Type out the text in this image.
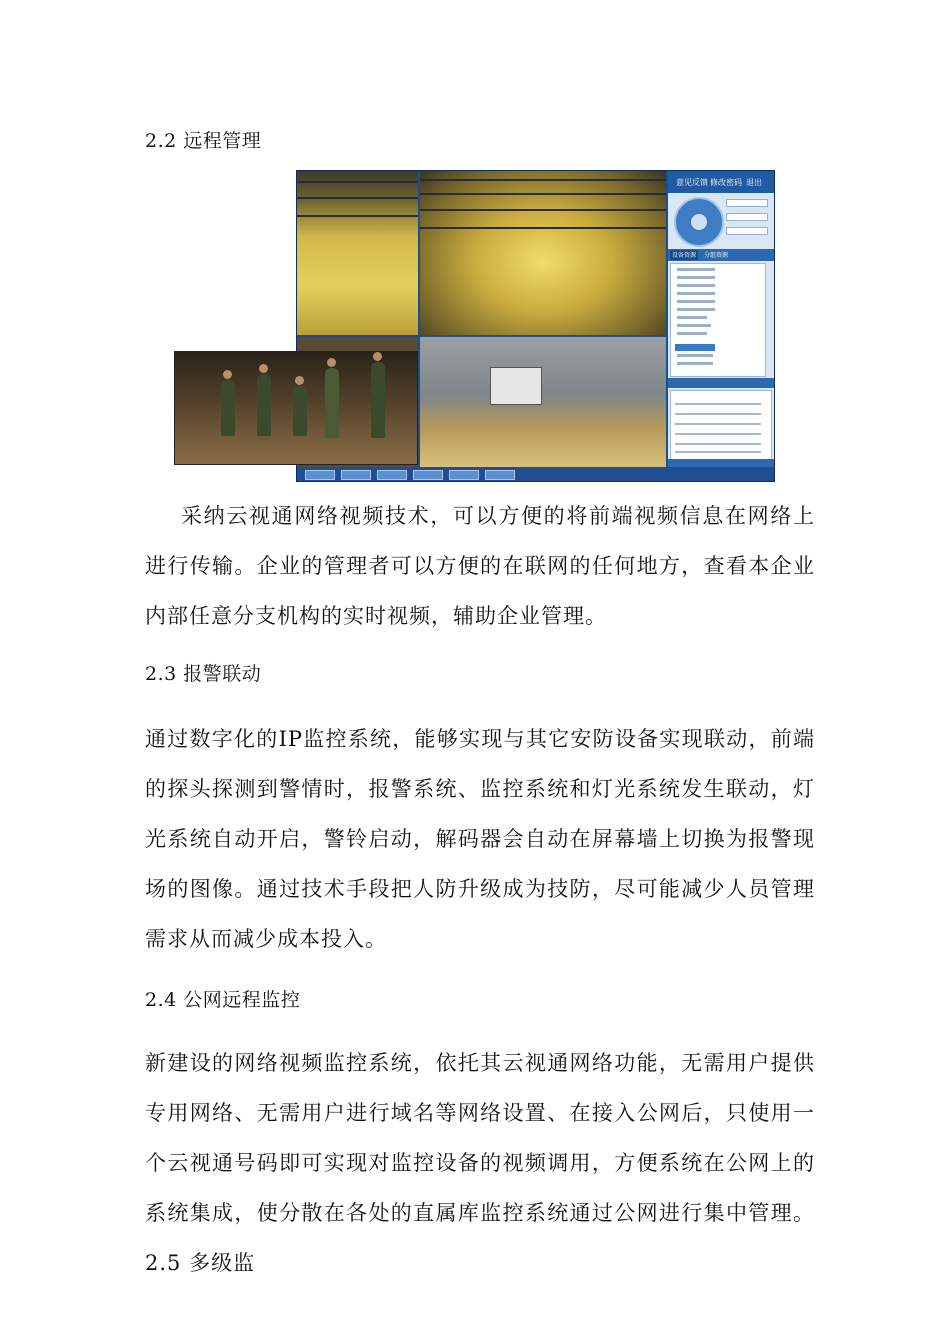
2.2 远程管理
意见反馈 修改密码 退出
设备资源	分组资源
采纳云视通网络视频技术，可以方便的将前端视频信息在网络上进行传输。企业的管理者可以方便的在联网的任何地方，查看本企业内部任意分支机构的实时视频，辅助企业管理。
2.3 报警联动
通过数字化的IP监控系统，能够实现与其它安防设备实现联动，前端的探头探测到警情时，报警系统、监控系统和灯光系统发生联动，灯光系统自动开启，警铃启动，解码器会自动在屏幕墙上切换为报警现场的图像。通过技术手段把人防升级成为技防，尽可能减少人员管理需求从而减少成本投入。
2.4 公网远程监控
新建设的网络视频监控系统，依托其云视通网络功能，无需用户提供专用网络、无需用户进行域名等网络设置、在接入公网后，只使用一个云视通号码即可实现对监控设备的视频调用，方便系统在公网上的系统集成，使分散在各处的直属库监控系统通过公网进行集中管理。2.5 多级监
